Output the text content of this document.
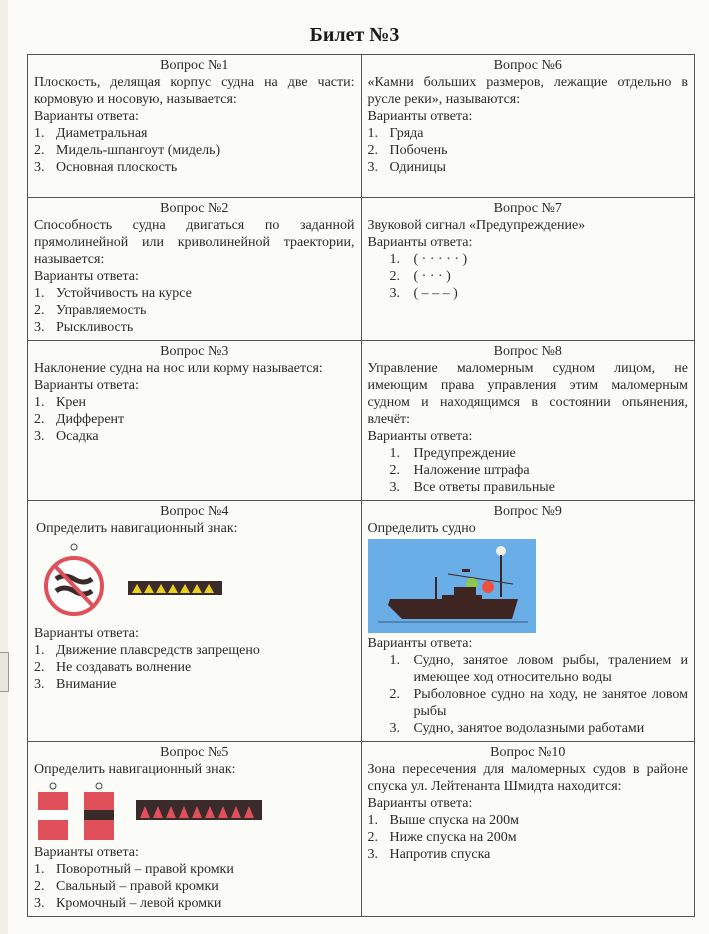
Билет №3
Вопрос №1
Плоскость, делящая корпус судна на две части: кормовую и носовую, называется:
Варианты ответа:
1. Диаметральная
2. Мидель-шпангоут (мидель)
3. Основная плоскость

Вопрос №6
«Камни больших размеров, лежащие отдельно в русле реки», называются:
Варианты ответа:
1. Гряда
2. Побочень
3. Одиницы

Вопрос №2
Способность судна двигаться по заданной прямолинейной или криволинейной траектории, называется:
Варианты ответа:
1. Устойчивость на курсе
2. Управляемость
3. Рыскливость

Вопрос №7
Звуковой сигнал «Предупреждение»
Варианты ответа:
1. ( · · · · · )
2. ( · · · )
3. ( – – – )

Вопрос №3
Наклонение судна на нос или корму называется:
Варианты ответа:
1. Крен
2. Дифферент
3. Осадка

Вопрос №8
Управление маломерным судном лицом, не имеющим права управления этим маломерным судном и находящимся в состоянии опьянения, влечёт:
Варианты ответа:
1. Предупреждение
2. Наложение штрафа
3. Все ответы правильные

Вопрос №4
Определить навигационный знак:
Варианты ответа:
1. Движение плавсредств запрещено
2. Не создавать волнение
3. Внимание

Вопрос №9
Определить судно
Варианты ответа:
1. Судно, занятое ловом рыбы, тралением и имеющее ход относительно воды
2. Рыболовное судно на ходу, не занятое ловом рыбы
3. Судно, занятое водолазными работами

Вопрос №5
Определить навигационный знак:
Варианты ответа:
1. Поворотный – правой кромки
2. Свальный – правой кромки
3. Кромочный – левой кромки

Вопрос №10
Зона пересечения для маломерных судов в районе спуска ул. Лейтенанта Шмидта находится:
Варианты ответа:
1. Выше спуска на 200м
2. Ниже спуска на 200м
3. Напротив спуска
